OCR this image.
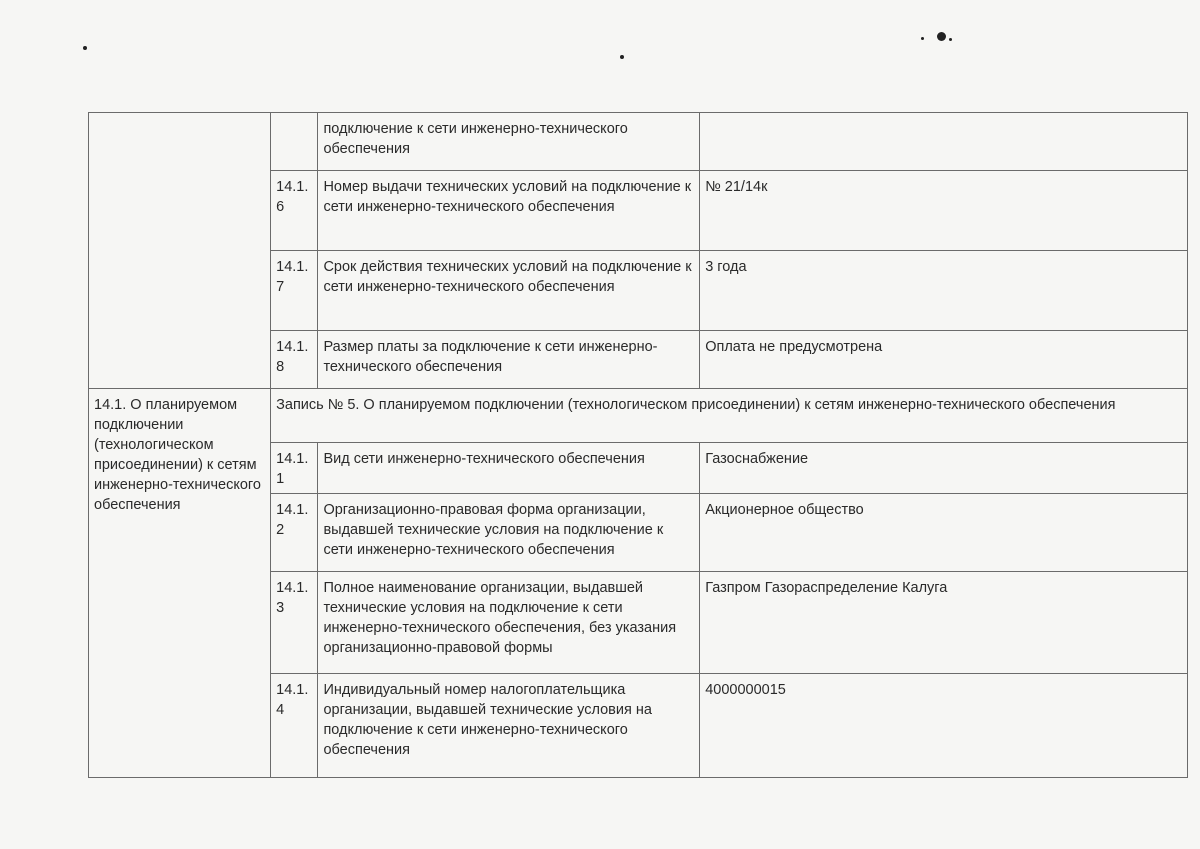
		подключение к сети инженерно-технического обеспечения	
	14.1.6	Номер выдачи технических условий на подключение к сети инженерно-технического обеспечения	№ 21/14к
	14.1.7	Срок действия технических условий на подключение к сети инженерно-технического обеспечения	3 года
	14.1.8	Размер платы за подключение к сети инженерно-технического обеспечения	Оплата не предусмотрена
14.1. О планируемом подключении (технологическом присоединении) к сетям инженерно-технического обеспечения	Запись № 5. О планируемом подключении (технологическом присоединении) к сетям инженерно-технического обеспечения		
	14.1.1	Вид сети инженерно-технического обеспечения	Газоснабжение
	14.1.2	Организационно-правовая форма организации, выдавшей технические условия на подключение к сети инженерно-технического обеспечения	Акционерное общество
	14.1.3	Полное наименование организации, выдавшей технические условия на подключение к сети инженерно-технического обеспечения, без указания организационно-правовой формы	Газпром Газораспределение Калуга
	14.1.4	Индивидуальный номер налогоплательщика организации, выдавшей технические условия на подключение к сети инженерно-технического обеспечения	4000000015
